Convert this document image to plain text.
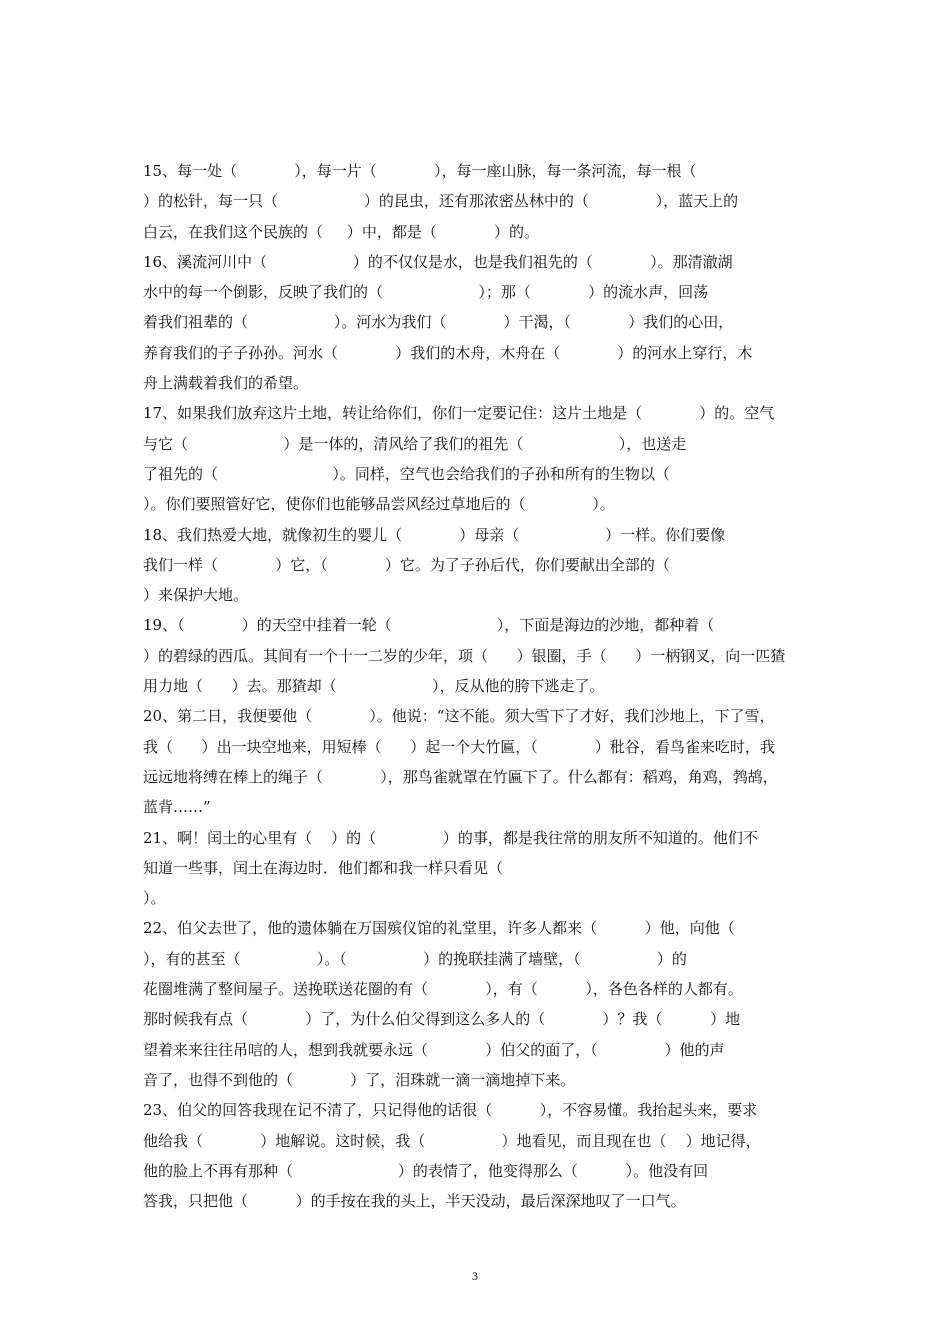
15、每一处（            ），每一片（            ），每一座山脉，每一条河流，每一根（
）的松针，每一只（                  ）的昆虫，还有那浓密丛林中的（              ），蓝天上的
白云，在我们这个民族的（     ）中，都是（            ）的。
16、溪流河川中（                  ）的不仅仅是水，也是我们祖先的（            ）。那清澈湖
水中的每一个倒影，反映了我们的（                    ）；那（            ）的流水声，回荡
着我们祖辈的（                  ）。河水为我们（            ）干渴，（            ）我们的心田，
养育我们的子子孙孙。河水（            ）我们的木舟，木舟在（            ）的河水上穿行，木
舟上满载着我们的希望。
17、如果我们放弃这片土地，转让给你们，你们一定要记住：这片土地是（            ）的。空气
与它（                    ）是一体的，清风给了我们的祖先（                    ），也送走
了祖先的（                        ）。同样，空气也会给我们的子孙和所有的生物以（
）。你们要照管好它，使你们也能够品尝风经过草地后的（              ）。
18、我们热爱大地，就像初生的婴儿（            ）母亲（                  ）一样。你们要像
我们一样（            ）它，（            ）它。为了子孙后代，你们要献出全部的（
）来保护大地。
19、（            ）的天空中挂着一轮（                      ），下面是海边的沙地，都种着（
）的碧绿的西瓜。其间有一个十一二岁的少年，项（      ）银圈，手（      ）一柄钢叉，向一匹猹
用力地（      ）去。那猹却（                    ），反从他的胯下逃走了。
20、第二日，我便要他（            ）。他说：“这不能。须大雪下了才好，我们沙地上，下了雪，
我（      ）出一块空地来，用短棒（      ）起一个大竹匾，（            ）秕谷，看鸟雀来吃时，我
远远地将缚在棒上的绳子（            ），那鸟雀就罩在竹匾下了。什么都有：稻鸡，角鸡，鹁鸪，
蓝背……”
21、啊！闰土的心里有（    ）的（              ）的事，都是我往常的朋友所不知道的。他们不
知道一些事，闰土在海边时．他们都和我一样只看见（
）。
22、伯父去世了，他的遗体躺在万国殡仪馆的礼堂里，许多人都来（          ）他，向他（
），有的甚至（                ）。（                ）的挽联挂满了墙壁，（                ）的
花圈堆满了整间屋子。送挽联送花圈的有（            ），有（          ），各色各样的人都有。
那时候我有点（            ）了，为什么伯父得到这么多人的（            ）？我（          ）地
望着来来往往吊唁的人，想到我就要永远（            ）伯父的面了，（              ）他的声
音了，也得不到他的（            ）了，泪珠就一滴一滴地掉下来。
23、伯父的回答我现在记不清了，只记得他的话很（          ），不容易懂。我抬起头来，要求
他给我（            ）地解说。这时候，我（                ）地看见，而且现在也（    ）地记得，
他的脸上不再有那种（                      ）的表情了，他变得那么（          ）。他没有回
答我，只把他（          ）的手按在我的头上，半天没动，最后深深地叹了一口气。
3
